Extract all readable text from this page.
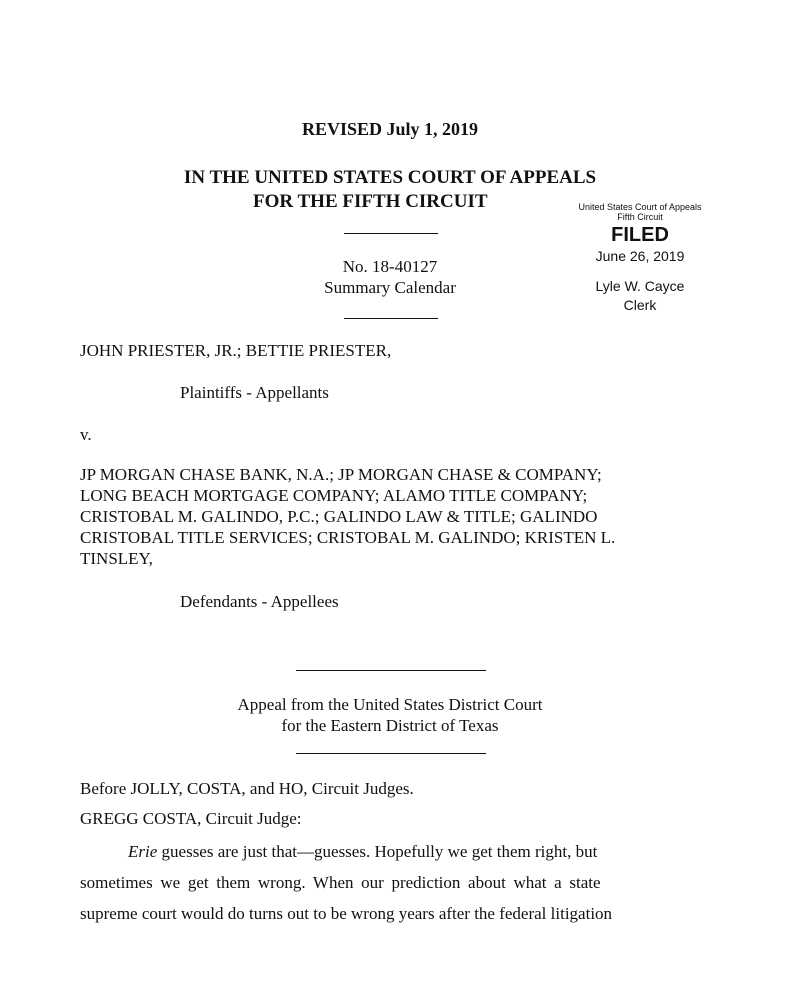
REVISED July 1, 2019
IN THE UNITED STATES COURT OF APPEALS
FOR THE FIFTH CIRCUIT	United States Court of Appeals
Fifth Circuit
FILED
June 26, 2019
Lyle W. Cayce
Clerk
No. 18-40127
Summary Calendar
JOHN PRIESTER, JR.; BETTIE PRIESTER,
Plaintiffs - Appellants
v.
JP MORGAN CHASE BANK, N.A.; JP MORGAN CHASE & COMPANY;
LONG BEACH MORTGAGE COMPANY; ALAMO TITLE COMPANY;
CRISTOBAL M. GALINDO, P.C.; GALINDO LAW & TITLE; GALINDO
CRISTOBAL TITLE SERVICES; CRISTOBAL M. GALINDO; KRISTEN L.
TINSLEY,
Defendants - Appellees
Appeal from the United States District Court
for the Eastern District of Texas
Before JOLLY, COSTA, and HO, Circuit Judges.
GREGG COSTA, Circuit Judge:
Erie guesses are just that—guesses. Hopefully we get them right, but
sometimes we get them wrong. When our prediction about what a state
supreme court would do turns out to be wrong years after the federal litigation
